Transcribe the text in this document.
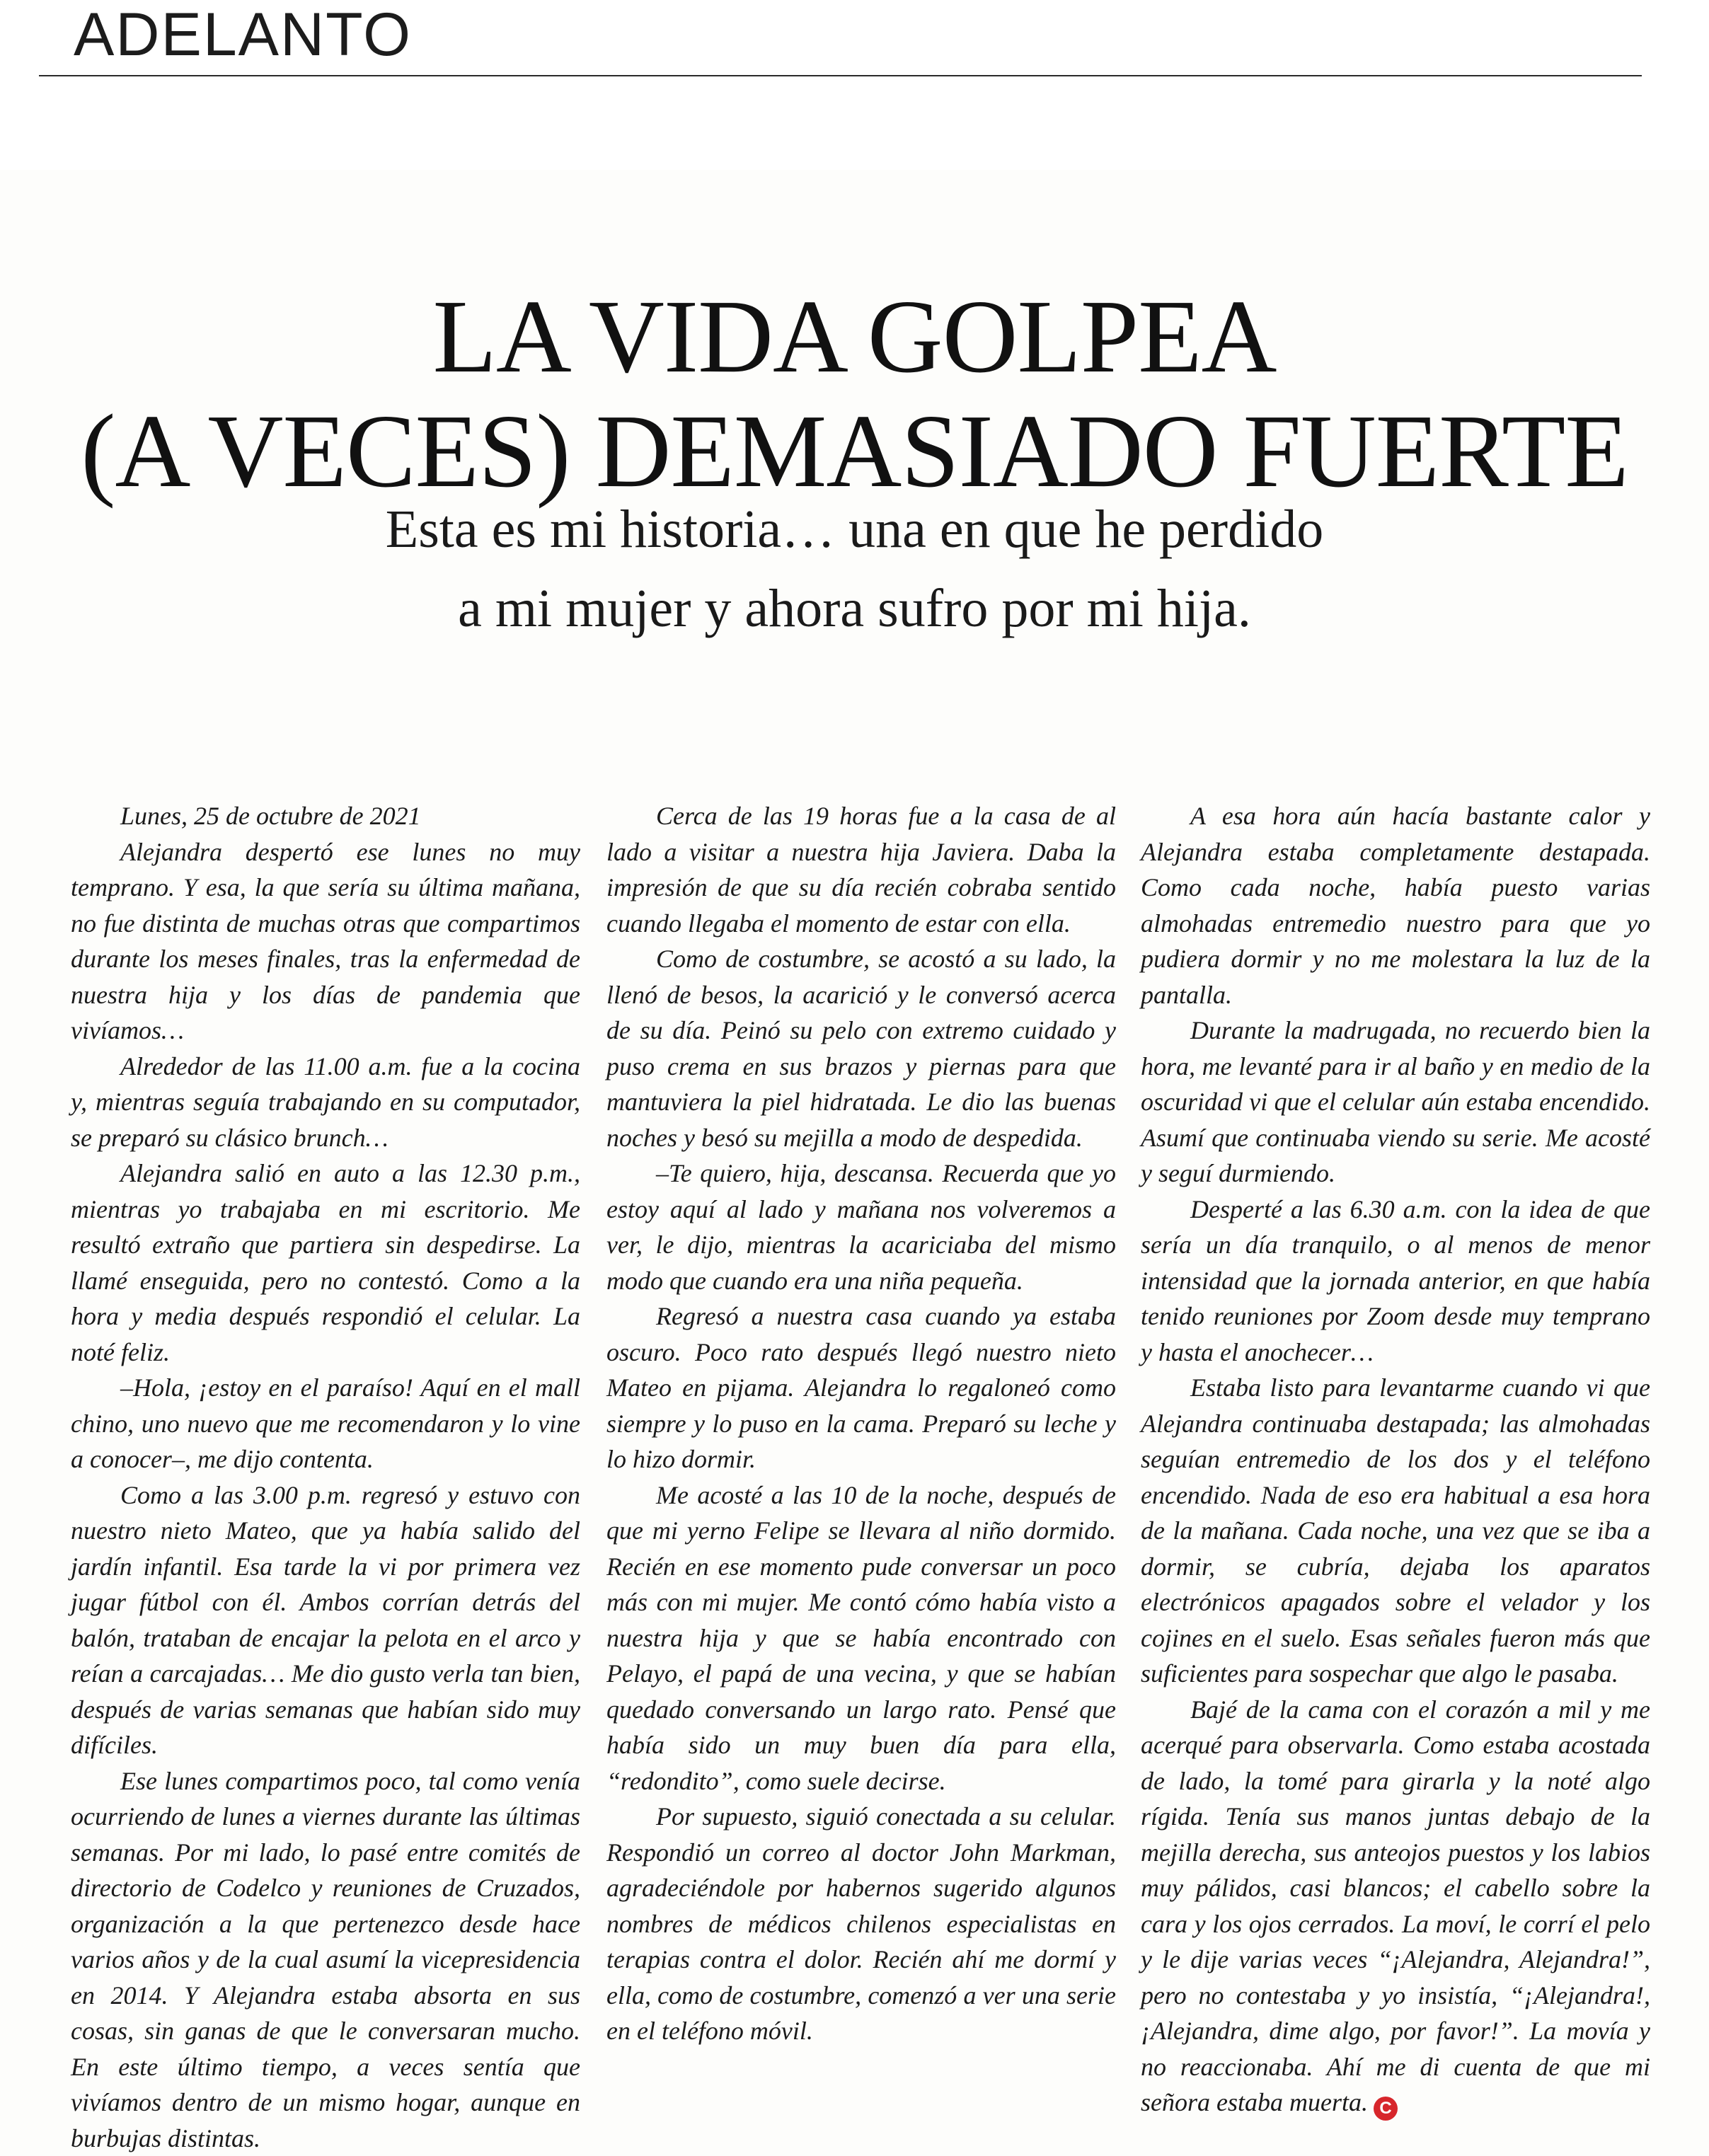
ADELANTO
LA VIDA GOLPEA
(A VECES) DEMASIADO FUERTE
Esta es mi historia… una en que he perdido
a mi mujer y ahora sufro por mi hija.
Lunes, 25 de octubre de 2021

Alejandra despertó ese lunes no muy temprano. Y esa, la que sería su última mañana, no fue distinta de muchas otras que compartimos durante los meses finales, tras la enfermedad de nuestra hija y los días de pandemia que vivíamos…

Alrededor de las 11.00 a.m. fue a la cocina y, mientras seguía trabajando en su computador, se preparó su clásico brunch…

Alejandra salió en auto a las 12.30 p.m., mientras yo trabajaba en mi escritorio. Me resultó extraño que partiera sin despedirse. La llamé enseguida, pero no contestó. Como a la hora y media después respondió el celular. La noté feliz.

–Hola, ¡estoy en el paraíso! Aquí en el mall chino, uno nuevo que me recomendaron y lo vine a conocer–, me dijo contenta.

Como a las 3.00 p.m. regresó y estuvo con nuestro nieto Mateo, que ya había salido del jardín infantil. Esa tarde la vi por primera vez jugar fútbol con él. Ambos corrían detrás del balón, trataban de encajar la pelota en el arco y reían a carcajadas… Me dio gusto verla tan bien, después de varias semanas que habían sido muy difíciles.

Ese lunes compartimos poco, tal como venía ocurriendo de lunes a viernes durante las últimas semanas. Por mi lado, lo pasé entre comités de directorio de Codelco y reuniones de Cruzados, organización a la que pertenezco desde hace varios años y de la cual asumí la vicepresidencia en 2014. Y Alejandra estaba absorta en sus cosas, sin ganas de que le conversaran mucho. En este último tiempo, a veces sentía que vivíamos dentro de un mismo hogar, aunque en burbujas distintas.

Cerca de las 19 horas fue a la casa de al lado a visitar a nuestra hija Javiera. Daba la impresión de que su día recién cobraba sentido cuando llegaba el momento de estar con ella.

Como de costumbre, se acostó a su lado, la llenó de besos, la acarició y le conversó acerca de su día. Peinó su pelo con extremo cuidado y puso crema en sus brazos y piernas para que mantuviera la piel hidratada. Le dio las buenas noches y besó su mejilla a modo de despedida.

–Te quiero, hija, descansa. Recuerda que yo estoy aquí al lado y mañana nos volveremos a ver, le dijo, mientras la acariciaba del mismo modo que cuando era una niña pequeña.

Regresó a nuestra casa cuando ya estaba oscuro. Poco rato después llegó nuestro nieto Mateo en pijama. Alejandra lo regaloneó como siempre y lo puso en la cama. Preparó su leche y lo hizo dormir.

Me acosté a las 10 de la noche, después de que mi yerno Felipe se llevara al niño dormido. Recién en ese momento pude conversar un poco más con mi mujer. Me contó cómo había visto a nuestra hija y que se había encontrado con Pelayo, el papá de una vecina, y que se habían quedado conversando un largo rato. Pensé que había sido un muy buen día para ella, “redondito”, como suele decirse.

Por supuesto, siguió conectada a su celular. Respondió un correo al doctor John Markman, agradeciéndole por habernos sugerido algunos nombres de médicos chilenos especialistas en terapias contra el dolor. Recién ahí me dormí y ella, como de costumbre, comenzó a ver una serie en el teléfono móvil.

A esa hora aún hacía bastante calor y Alejandra estaba completamente destapada. Como cada noche, había puesto varias almohadas entremedio nuestro para que yo pudiera dormir y no me molestara la luz de la pantalla.

Durante la madrugada, no recuerdo bien la hora, me levanté para ir al baño y en medio de la oscuridad vi que el celular aún estaba encendido. Asumí que continuaba viendo su serie. Me acosté y seguí durmiendo.

Desperté a las 6.30 a.m. con la idea de que sería un día tranquilo, o al menos de menor intensidad que la jornada anterior, en que había tenido reuniones por Zoom desde muy temprano y hasta el anochecer…

Estaba listo para levantarme cuando vi que Alejandra continuaba destapada; las almohadas seguían entremedio de los dos y el teléfono encendido. Nada de eso era habitual a esa hora de la mañana. Cada noche, una vez que se iba a dormir, se cubría, dejaba los aparatos electrónicos apagados sobre el velador y los cojines en el suelo. Esas señales fueron más que suficientes para sospechar que algo le pasaba.

Bajé de la cama con el corazón a mil y me acerqué para observarla. Como estaba acostada de lado, la tomé para girarla y la noté algo rígida. Tenía sus manos juntas debajo de la mejilla derecha, sus anteojos puestos y los labios muy pálidos, casi blancos; el cabello sobre la cara y los ojos cerrados. La moví, le corrí el pelo y le dije varias veces “¡Alejandra, Alejandra!”, pero no contestaba y yo insistía, “¡Alejandra!, ¡Alejandra, dime algo, por favor!”. La movía y no reaccionaba. Ahí me di cuenta de que mi señora estaba muerta. C
